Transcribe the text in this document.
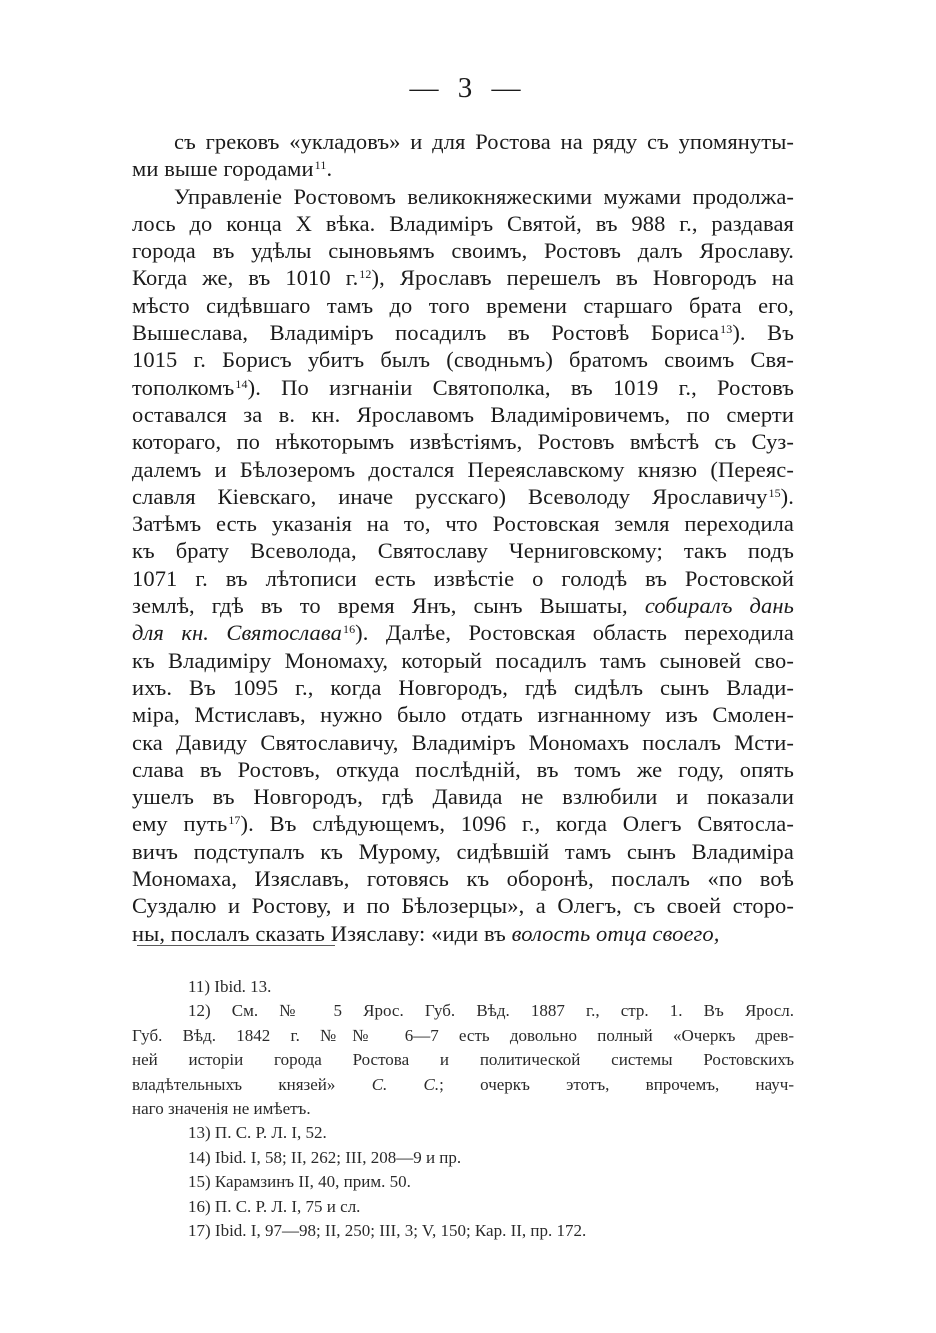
— 3 —
съ грековъ «укладовъ» и для Ростова на ряду съ упомянуты-
ми выше городами$^{11}$.
Управленіе Ростовомъ великокняжескими мужами продолжа-
лось до конца X вѣка. Владиміръ Святой, въ 988 г., раздавая
города въ удѣлы сыновьямъ своимъ, Ростовъ далъ Ярославу.
Когда же, въ 1010 г.$^{12}$), Ярославъ перешелъ въ Новгородъ на
мѣсто сидѣвшаго тамъ до того времени старшаго брата его,
Вышеслава, Владиміръ посадилъ въ Ростовѣ Бориса$^{13}$). Въ
1015 г. Борисъ убитъ былъ (сводньмъ) братомъ своимъ Свя-
тополкомъ$^{14}$). По изгнаніи Святополка, въ 1019 г., Ростовъ
оставался за в. кн. Ярославомъ Владиміровичемъ, по смерти
котораго, по нѣкоторымъ извѣстіямъ, Ростовъ вмѣстѣ съ Суз-
далемъ и Бѣлозеромъ достался Переяславскому князю (Переяс-
славля Кіевскаго, иначе русскаго) Всеволоду Ярославичу$^{15}$).
Затѣмъ есть указанія на то, что Ростовская земля переходила
къ брату Всеволода, Святославу Черниговскому; такъ подъ
1071 г. въ лѣтописи есть извѣстіе о голодѣ въ Ростовской
землѣ, гдѣ въ то время Янъ, сынъ Вышаты, собиралъ дань
для кн. Святослава$^{16}$). Далѣе, Ростовская область переходила
къ Владиміру Мономаху, который посадилъ тамъ сыновей сво-
ихъ. Въ 1095 г., когда Новгородъ, гдѣ сидѣлъ сынъ Влади-
міра, Мстиславъ, нужно было отдать изгнанному изъ Смолен-
ска Давиду Святославичу, Владиміръ Мономахъ послалъ Мсти-
слава въ Ростовъ, откуда послѣдній, въ томъ же году, опять
ушелъ въ Новгородъ, гдѣ Давида не взлюбили и показали
ему путь$^{17}$). Въ слѣдующемъ, 1096 г., когда Олегъ Святосла-
вичъ подступалъ къ Мурому, сидѣвшій тамъ сынъ Владиміра
Мономаха, Изяславъ, готовясь къ оборонѣ, послалъ «по воѣ
Суздалю и Ростову, и по Бѣлозерцы», а Олегъ, съ своей сторо-
ны, послалъ сказать Изяславу: «иди въ волость отца своего,
11) Ibid. 13.
12) См. № 5 Ярос. Губ. Вѣд. 1887 г., стр. 1. Въ Яросл.
Губ. Вѣд. 1842 г. №№ 6—7 есть довольно полный «Очеркъ древ-
ней исторіи города Ростова и политической системы Ростовскихъ
владѣтельныхъ князей» С. С.; очеркъ этотъ, впрочемъ, науч-
наго значенія не имѣетъ.
13) П. С. Р. Л. I, 52.
14) Ibid. I, 58; II, 262; III, 208—9 и пр.
15) Карамзинъ II, 40, прим. 50.
16) П. С. Р. Л. I, 75 и сл.
17) Ibid. I, 97—98; II, 250; III, 3; V, 150; Кар. II, пр. 172.
